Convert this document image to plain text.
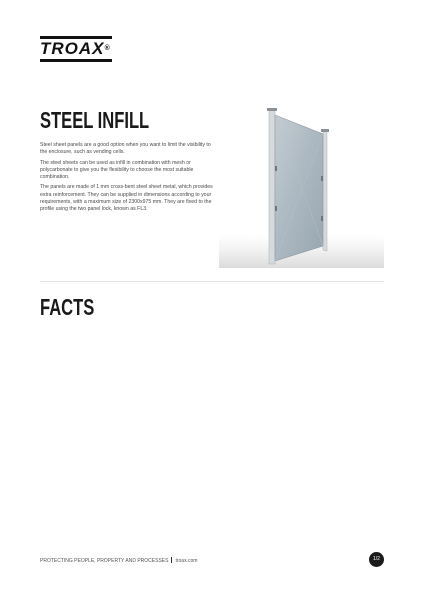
TROAX®
STEEL INFILL

Steel sheet panels are a good option when you want to limit the visibility to the enclosure, such as vending cells.

The steel sheets can be used as infill in combination with mesh or polycarbonate to give you the flexibility to choose the most suitable combination.

The panels are made of 1 mm cross-bent steel sheet metal, which provides extra reinforcement. They can be supplied in dimensions according to your requirements, with a maximum size of 2300x975 mm. They are fixed to the profile using the two panel lock, known as FL3.

FACTS
PROTECTING PEOPLE, PROPERTY AND PROCESSES troax.com	1/2
